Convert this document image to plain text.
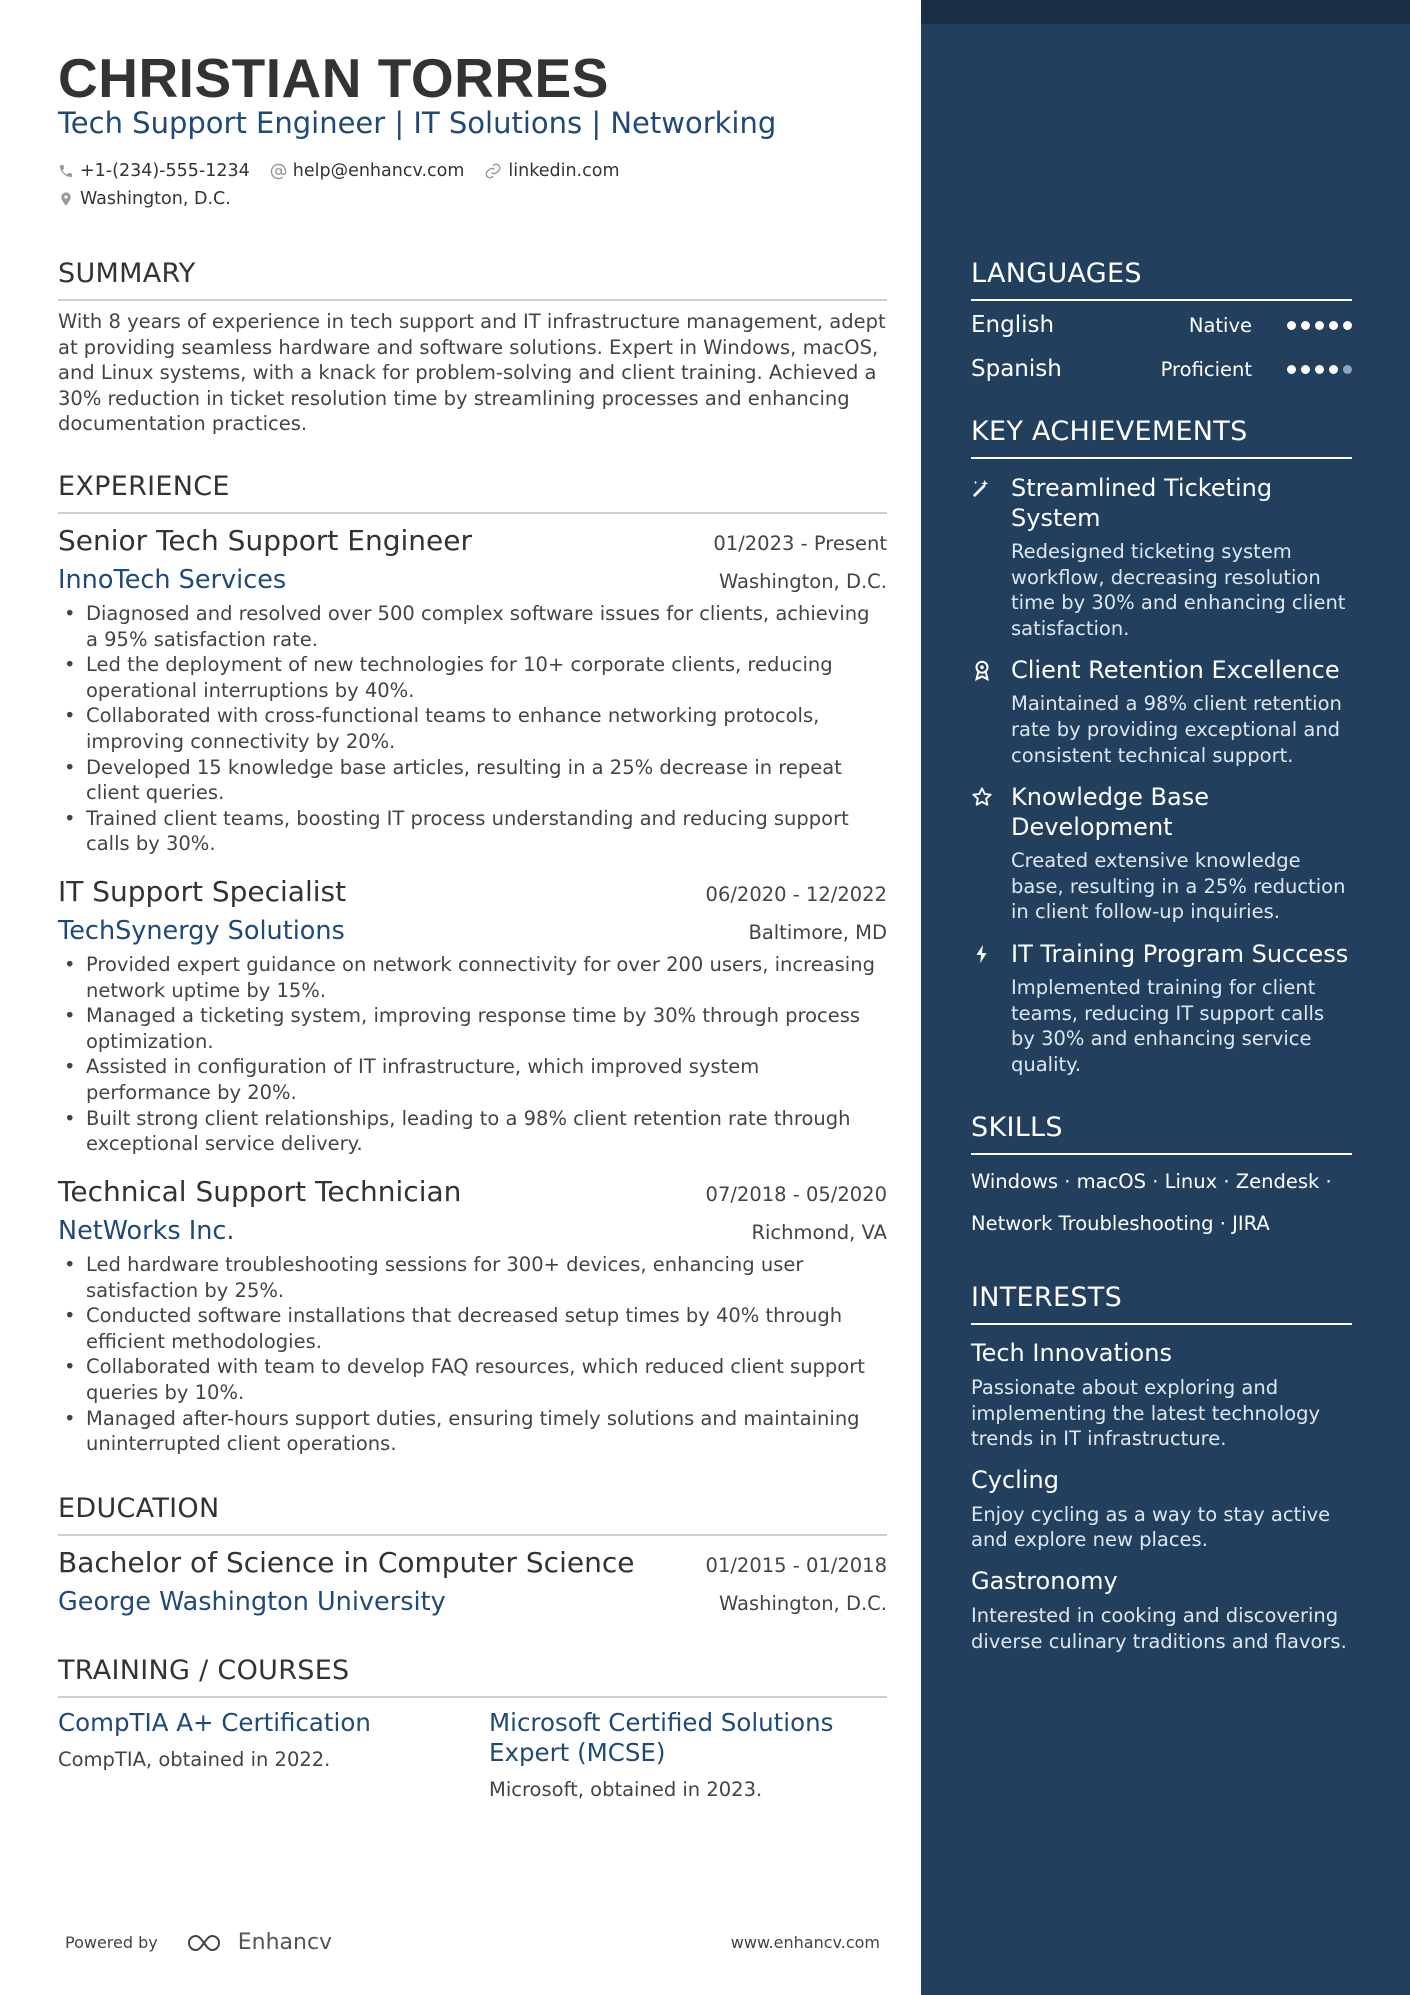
CHRISTIAN TORRES
Tech Support Engineer | IT Solutions | Networking
+1-(234)-555-1234 help@enhancv.com	linkedin.com
Washington, D.C.
SUMMARY
With 8 years of experience in tech support and IT infrastructure management, adept at providing seamless hardware and software solutions. Expert in Windows, macOS, and Linux systems, with a knack for problem-solving and client training. Achieved a 30% reduction in ticket resolution time by streamlining processes and enhancing documentation practices.
EXPERIENCE
Senior Tech Support Engineer	01/2023 - Present
InnoTech Services	Washington, D.C.
• Diagnosed and resolved over 500 complex software issues for clients, achieving a 95% satisfaction rate.
• Led the deployment of new technologies for 10+ corporate clients, reducing operational interruptions by 40%.
• Collaborated with cross-functional teams to enhance networking protocols, improving connectivity by 20%.
• Developed 15 knowledge base articles, resulting in a 25% decrease in repeat client queries.
• Trained client teams, boosting IT process understanding and reducing support calls by 30%.
IT Support Specialist	06/2020 - 12/2022
TechSynergy Solutions	Baltimore, MD
• Provided expert guidance on network connectivity for over 200 users, increasing network uptime by 15%.
• Managed a ticketing system, improving response time by 30% through process optimization.
• Assisted in configuration of IT infrastructure, which improved system performance by 20%.
• Built strong client relationships, leading to a 98% client retention rate through exceptional service delivery.
Technical Support Technician	07/2018 - 05/2020
NetWorks Inc.	Richmond, VA
• Led hardware troubleshooting sessions for 300+ devices, enhancing user satisfaction by 25%.
• Conducted software installations that decreased setup times by 40% through efficient methodologies.
• Collaborated with team to develop FAQ resources, which reduced client support queries by 10%.
• Managed after-hours support duties, ensuring timely solutions and maintaining uninterrupted client operations.
EDUCATION
Bachelor of Science in Computer Science	01/2015 - 01/2018
George Washington University	Washington, D.C.
TRAINING / COURSES
CompTIA A+ Certification
CompTIA, obtained in 2022.
Microsoft Certified Solutions Expert (MCSE)
Microsoft, obtained in 2023.
Powered by	Enhancv	www.enhancv.com
LANGUAGES
English	Native
Spanish	Proficient
KEY ACHIEVEMENTS
Streamlined Ticketing System
Redesigned ticketing system workflow, decreasing resolution time by 30% and enhancing client satisfaction.
Client Retention Excellence
Maintained a 98% client retention rate by providing exceptional and consistent technical support.
Knowledge Base Development
Created extensive knowledge base, resulting in a 25% reduction in client follow-up inquiries.
IT Training Program Success
Implemented training for client teams, reducing IT support calls by 30% and enhancing service quality.
SKILLS
Windows · macOS · Linux · Zendesk ·
Network Troubleshooting · JIRA
INTERESTS
Tech Innovations
Passionate about exploring and implementing the latest technology trends in IT infrastructure.
Cycling
Enjoy cycling as a way to stay active and explore new places.
Gastronomy
Interested in cooking and discovering diverse culinary traditions and flavors.
